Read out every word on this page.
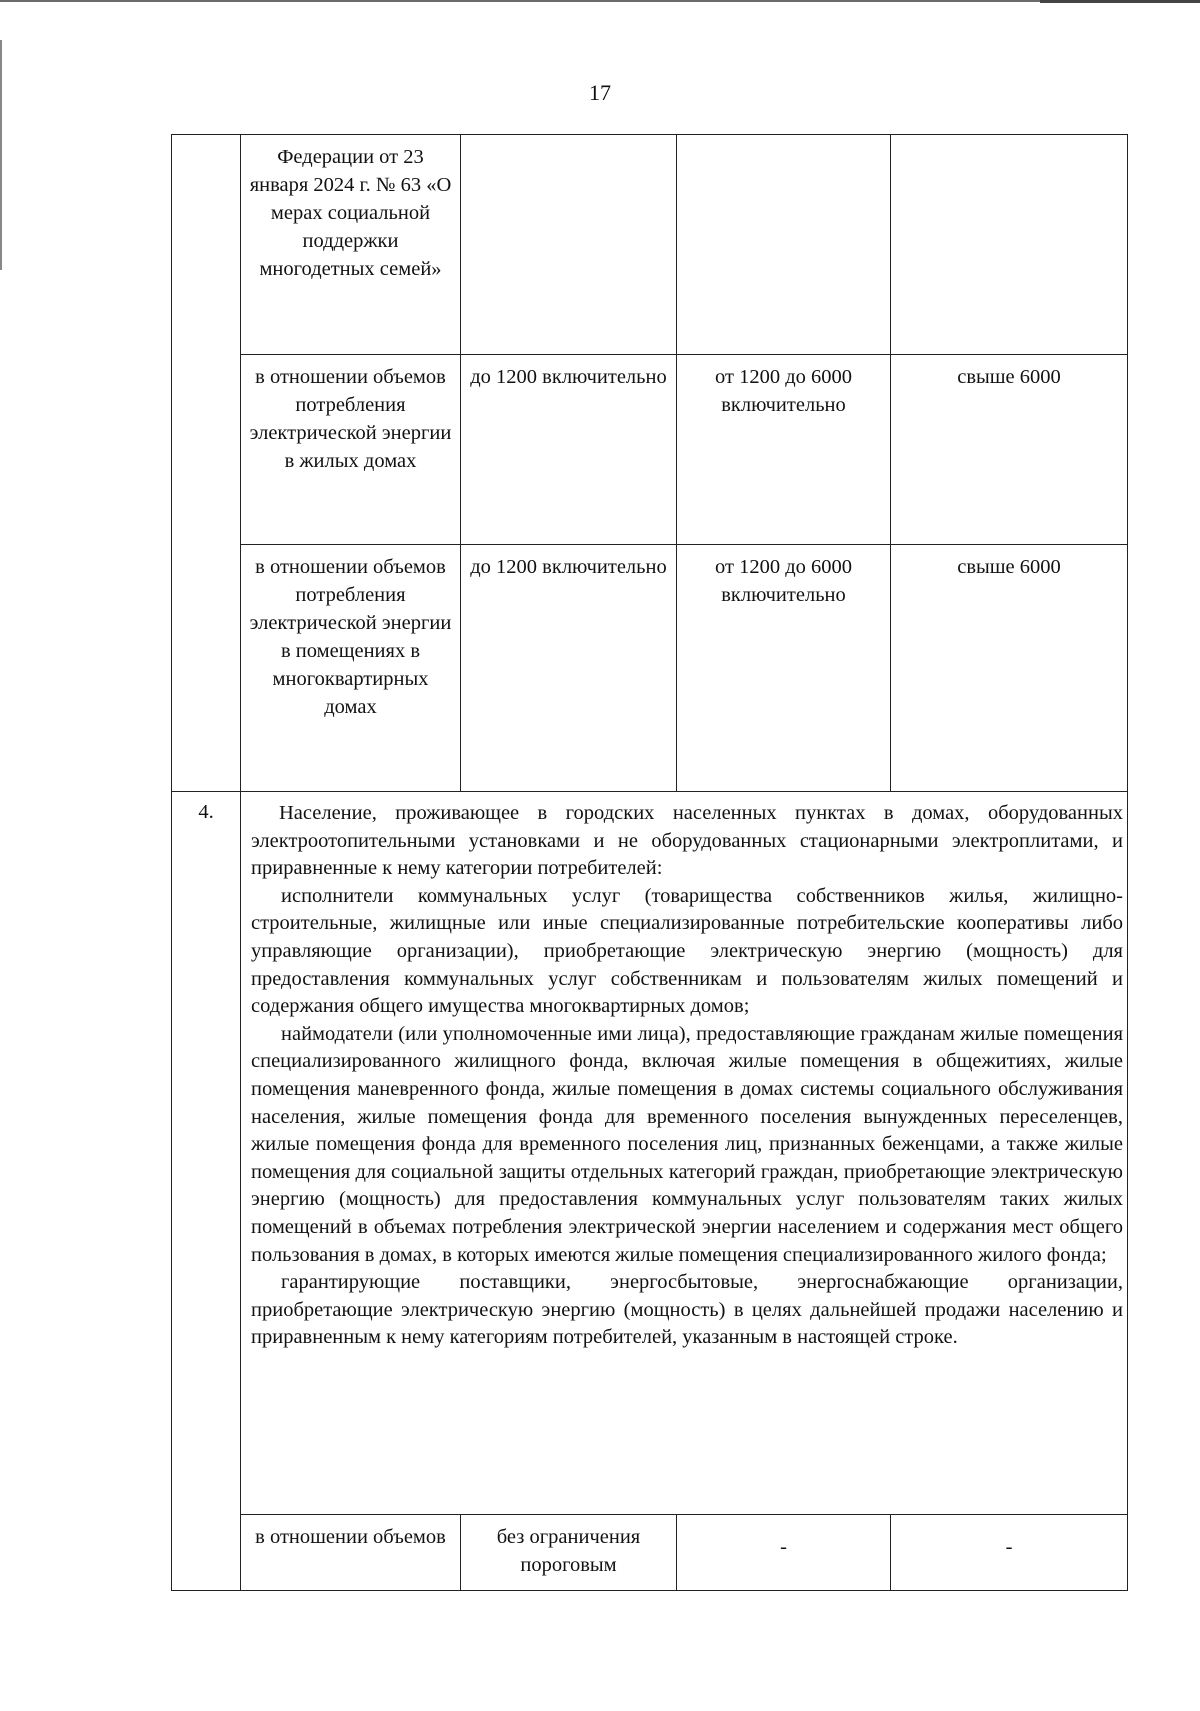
17

	Федерации от 23 января 2024 г. № 63 «О мерах социальной поддержки многодетных семей»			

	в отношении объемов потребления электрической энергии в жилых домах	до 1200 включительно	от 1200 до 6000 включительно	свыше 6000

	в отношении объемов потребления электрической энергии в помещениях в многоквартирных домах	до 1200 включительно	от 1200 до 6000 включительно	свыше 6000

4.	Население, проживающее в городских населенных пунктах в домах, оборудованных электроотопительными установками и не оборудованных стационарными электроплитами, и приравненные к нему категории потребителей:

исполнители коммунальных услуг (товарищества собственников жилья, жилищно-строительные, жилищные или иные специализированные потребительские кооперативы либо управляющие организации), приобретающие электрическую энергию (мощность) для предоставления коммунальных услуг собственникам и пользователям жилых помещений и содержания общего имущества многоквартирных домов;

наймодатели (или уполномоченные ими лица), предоставляющие гражданам жилые помещения специализированного жилищного фонда, включая жилые помещения в общежитиях, жилые помещения маневренного фонда, жилые помещения в домах системы социального обслуживания населения, жилые помещения фонда для временного поселения вынужденных переселенцев, жилые помещения фонда для временного поселения лиц, признанных беженцами, а также жилые помещения для социальной защиты отдельных категорий граждан, приобретающие электрическую энергию (мощность) для предоставления коммунальных услуг пользователям таких жилых помещений в объемах потребления электрической энергии населением и содержания мест общего пользования в домах, в которых имеются жилые помещения специализированного жилого фонда;

гарантирующие поставщики, энергосбытовые, энергоснабжающие организации, приобретающие электрическую энергию (мощность) в целях дальнейшей продажи населению и приравненным к нему категориям потребителей, указанным в настоящей строке.			

	в отношении объемов	без ограничения пороговым	-	-
